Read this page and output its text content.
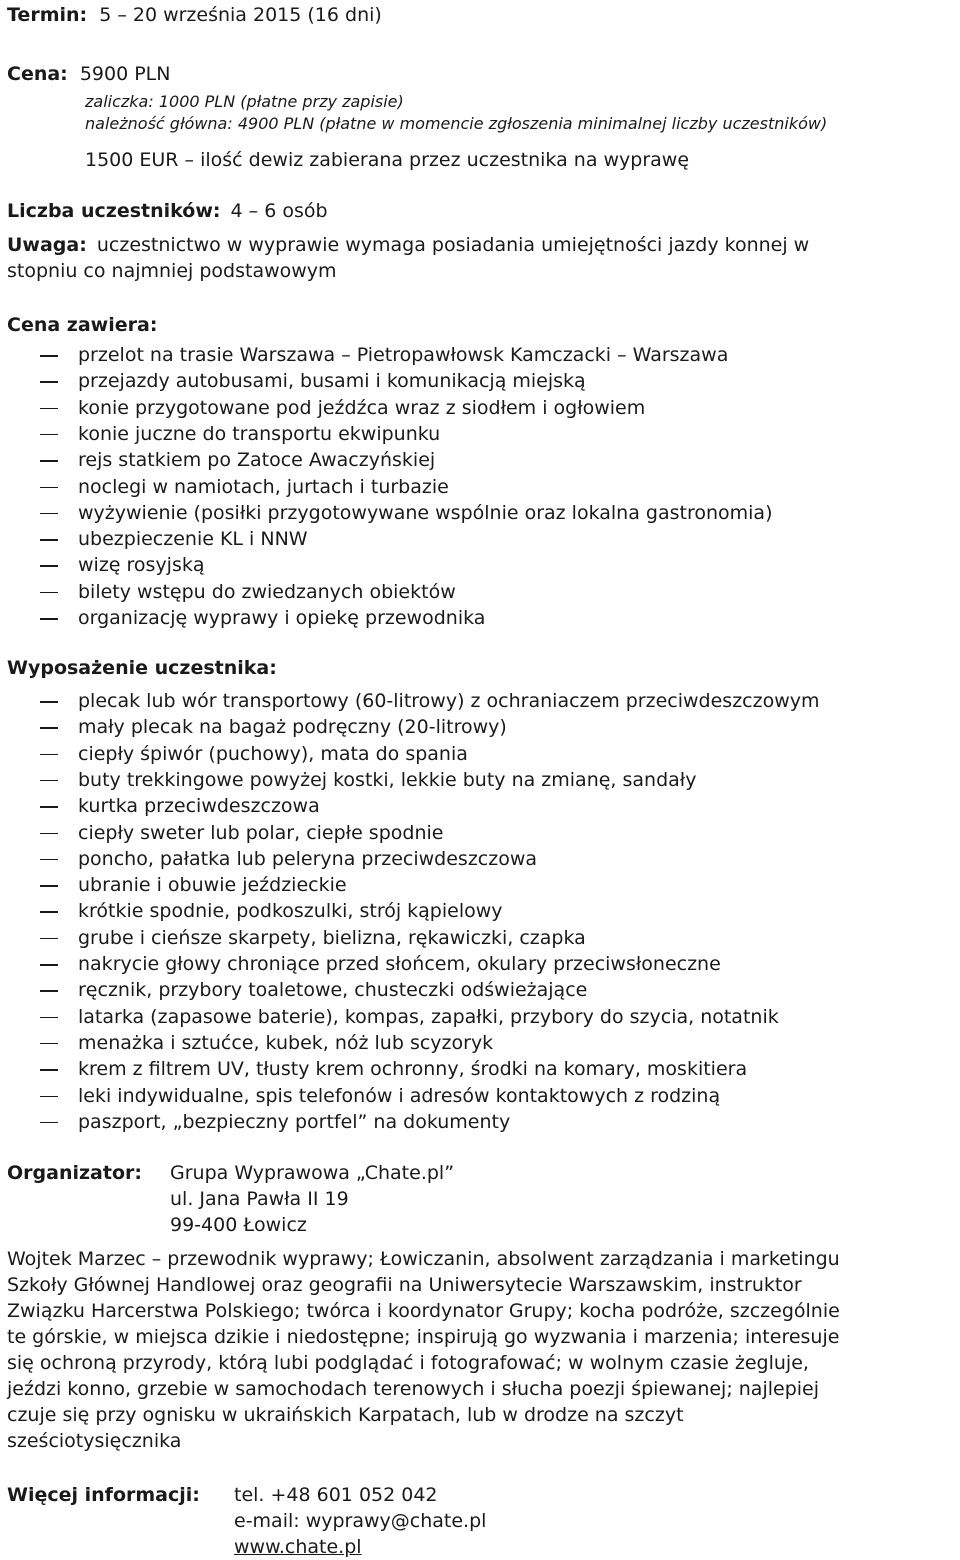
Termin: 5 – 20 września 2015 (16 dni)
Cena: 5900 PLN
zaliczka: 1000 PLN (płatne przy zapisie)
należność główna: 4900 PLN (płatne w momencie zgłoszenia minimalnej liczby uczestników)
1500 EUR – ilość dewiz zabierana przez uczestnika na wyprawę
Liczba uczestników: 4 – 6 osób
Uwaga: uczestnictwo w wyprawie wymaga posiadania umiejętności jazdy konnej w
stopniu co najmniej podstawowym
Cena zawiera:
przelot na trasie Warszawa – Pietropawłowsk Kamczacki – Warszawa
przejazdy autobusami, busami i komunikacją miejską
konie przygotowane pod jeźdźca wraz z siodłem i ogłowiem
konie juczne do transportu ekwipunku
rejs statkiem po Zatoce Awaczyńskiej
noclegi w namiotach, jurtach i turbazie
wyżywienie (posiłki przygotowywane wspólnie oraz lokalna gastronomia)
ubezpieczenie KL i NNW
wizę rosyjską
bilety wstępu do zwiedzanych obiektów
organizację wyprawy i opiekę przewodnika
Wyposażenie uczestnika:
plecak lub wór transportowy (60-litrowy) z ochraniaczem przeciwdeszczowym
mały plecak na bagaż podręczny (20-litrowy)
ciepły śpiwór (puchowy), mata do spania
buty trekkingowe powyżej kostki, lekkie buty na zmianę, sandały
kurtka przeciwdeszczowa
ciepły sweter lub polar, ciepłe spodnie
poncho, pałatka lub peleryna przeciwdeszczowa
ubranie i obuwie jeździeckie
krótkie spodnie, podkoszulki, strój kąpielowy
grube i cieńsze skarpety, bielizna, rękawiczki, czapka
nakrycie głowy chroniące przed słońcem, okulary przeciwsłoneczne
ręcznik, przybory toaletowe, chusteczki odświeżające
latarka (zapasowe baterie), kompas, zapałki, przybory do szycia, notatnik
menażka i sztućce, kubek, nóż lub scyzoryk
krem z filtrem UV, tłusty krem ochronny, środki na komary, moskitiera
leki indywidualne, spis telefonów i adresów kontaktowych z rodziną
paszport, „bezpieczny portfel” na dokumenty
Organizator: Grupa Wyprawowa „Chate.pl”
ul. Jana Pawła II 19
99-400 Łowicz
Wojtek Marzec – przewodnik wyprawy; Łowiczanin, absolwent zarządzania i marketingu
Szkoły Głównej Handlowej oraz geografii na Uniwersytecie Warszawskim, instruktor
Związku Harcerstwa Polskiego; twórca i koordynator Grupy; kocha podróże, szczególnie
te górskie, w miejsca dzikie i niedostępne; inspirują go wyzwania i marzenia; interesuje
się ochroną przyrody, którą lubi podglądać i fotografować; w wolnym czasie żegluje,
jeździ konno, grzebie w samochodach terenowych i słucha poezji śpiewanej; najlepiej
czuje się przy ognisku w ukraińskich Karpatach, lub w drodze na szczyt
sześciotysięcznika
Więcej informacji: tel. +48 601 052 042
e-mail: wyprawy@chate.pl
www.chate.pl
